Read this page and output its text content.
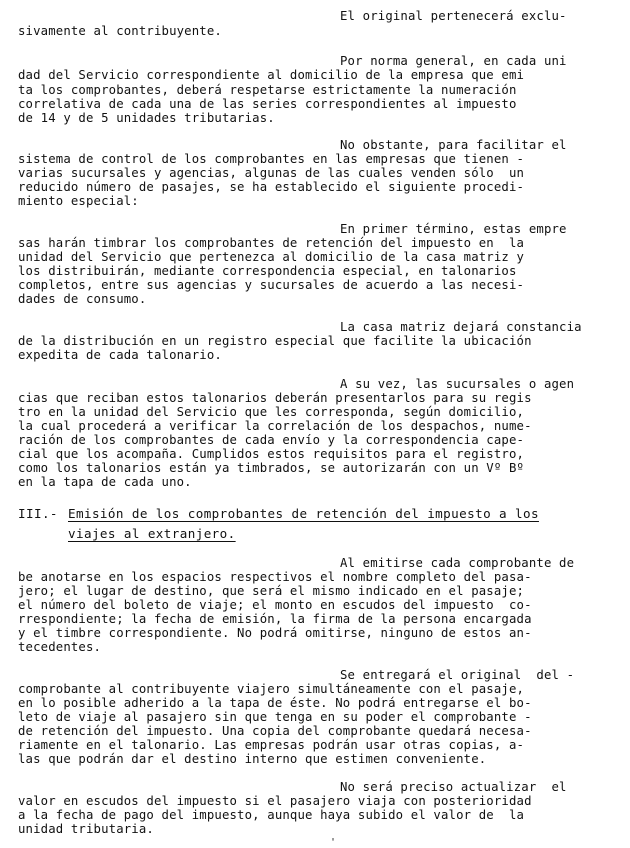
El original pertenecerá exclu-
sivamente al contribuyente.
Por norma general, en cada uni
dad del Servicio correspondiente al domicilio de la empresa que emi
ta los comprobantes, deberá respetarse estrictamente la numeración
correlativa de cada una de las series correspondientes al impuesto
de 14 y de 5 unidades tributarias.
No obstante, para facilitar el
sistema de control de los comprobantes en las empresas que tienen -
varias sucursales y agencias, algunas de las cuales venden sólo  un
reducido número de pasajes, se ha establecido el siguiente procedi-
miento especial:
En primer término, estas empre
sas harán timbrar los comprobantes de retención del impuesto en  la
unidad del Servicio que pertenezca al domicilio de la casa matriz y
los distribuirán, mediante correspondencia especial, en talonarios
completos, entre sus agencias y sucursales de acuerdo a las necesi-
dades de consumo.
La casa matriz dejará constancia
de la distribución en un registro especial que facilite la ubicación
expedita de cada talonario.
A su vez, las sucursales o agen
cias que reciban estos talonarios deberán presentarlos para su regis
tro en la unidad del Servicio que les corresponda, según domicilio,
la cual procederá a verificar la correlación de los despachos, nume-
ración de los comprobantes de cada envío y la correspondencia cape-
cial que los acompaña. Cumplidos estos requisitos para el registro,
como los talonarios están ya timbrados, se autorizarán con un Vº Bº
en la tapa de cada uno.
III.- Emisión de los comprobantes de retención del impuesto a los
viajes al extranjero.
Al emitirse cada comprobante de
be anotarse en los espacios respectivos el nombre completo del pasa-
jero; el lugar de destino, que será el mismo indicado en el pasaje;
el número del boleto de viaje; el monto en escudos del impuesto  co-
rrespondiente; la fecha de emisión, la firma de la persona encargada
y el timbre correspondiente. No podrá omitirse, ninguno de estos an-
tecedentes.
Se entregará el original  del -
comprobante al contribuyente viajero simultáneamente con el pasaje,
en lo posible adherido a la tapa de éste. No podrá entregarse el bo-
leto de viaje al pasajero sin que tenga en su poder el comprobante -
de retención del impuesto. Una copia del comprobante quedará necesa-
riamente en el talonario. Las empresas podrán usar otras copias, a-
las que podrán dar el destino interno que estimen conveniente.
No será preciso actualizar  el
valor en escudos del impuesto si el pasajero viaja con posterioridad
a la fecha de pago del impuesto, aunque haya subido el valor de  la
unidad tributaria.
'
